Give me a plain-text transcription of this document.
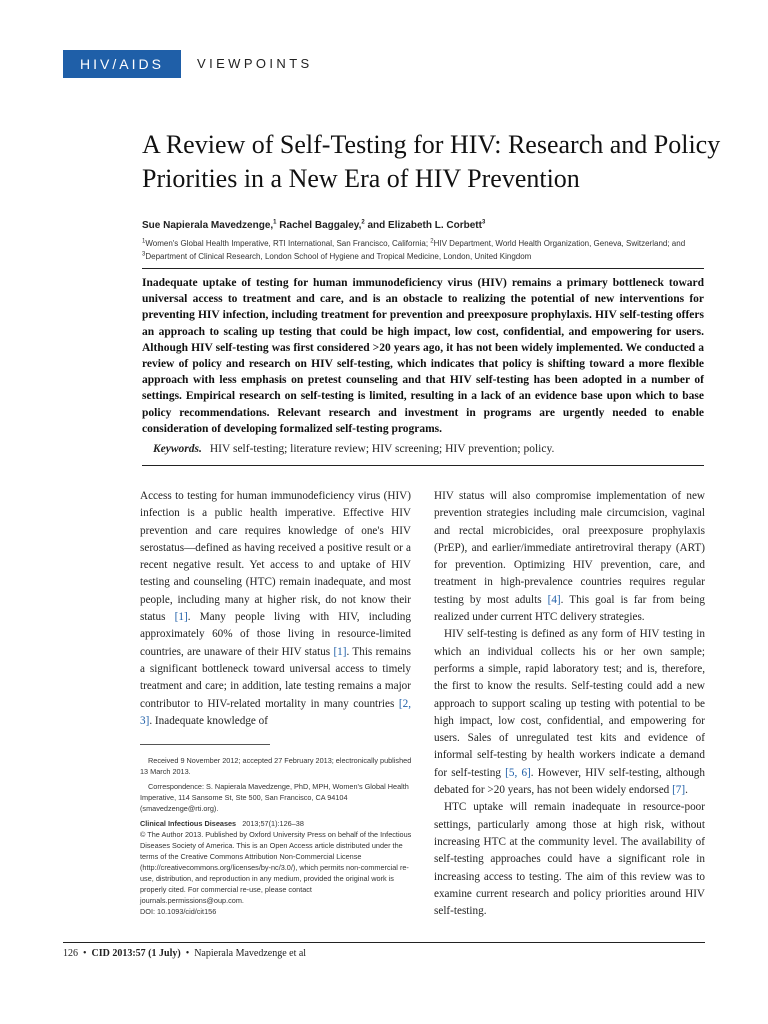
HIV/AIDS	VIEWPOINTS
A Review of Self-Testing for HIV: Research and Policy Priorities in a New Era of HIV Prevention
Sue Napierala Mavedzenge,$^1$ Rachel Baggaley,$^2$ and Elizabeth L. Corbett$^3$
$^1$Women's Global Health Imperative, RTI International, San Francisco, California; $^2$HIV Department, World Health Organization, Geneva, Switzerland; and
$^3$Department of Clinical Research, London School of Hygiene and Tropical Medicine, London, United Kingdom
Inadequate uptake of testing for human immunodeficiency virus (HIV) remains a primary bottleneck toward universal access to treatment and care, and is an obstacle to realizing the potential of new interventions for preventing HIV infection, including treatment for prevention and preexposure prophylaxis. HIV self-testing offers an approach to scaling up testing that could be high impact, low cost, confidential, and empowering for users. Although HIV self-testing was first considered >20 years ago, it has not been widely implemented. We conducted a review of policy and research on HIV self-testing, which indicates that policy is shifting toward a more flexible approach with less emphasis on pretest counseling and that HIV self-testing has been adopted in a number of settings. Empirical research on self-testing is limited, resulting in a lack of an evidence base upon which to base policy recommendations. Relevant research and investment in programs are urgently needed to enable consideration of developing formalized self-testing programs.
Keywords. HIV self-testing; literature review; HIV screening; HIV prevention; policy.

Access to testing for human immunodeficiency virus (HIV) infection is a public health imperative. Effective HIV prevention and care requires knowledge of one's HIV serostatus—defined as having received a positive result or a recent negative result. Yet access to and uptake of HIV testing and counseling (HTC) remain inadequate, and most people, including many at higher risk, do not know their status [1]. Many people living with HIV, including approximately 60% of those living in resource-limited countries, are unaware of their HIV status [1]. This remains a significant bottleneck toward universal access to timely treatment and care; in addition, late testing remains a major contributor to HIV-related mortality in many countries [2, 3]. Inadequate knowledge of

HIV status will also compromise implementation of new prevention strategies including male circumcision, vaginal and rectal microbicides, oral preexposure prophylaxis (PrEP), and earlier/immediate antiretroviral therapy (ART) for prevention. Optimizing HIV prevention, care, and treatment in high-prevalence countries requires regular testing by most adults [4]. This goal is far from being realized under current HTC delivery strategies.

HIV self-testing is defined as any form of HIV testing in which an individual collects his or her own sample; performs a simple, rapid laboratory test; and is, therefore, the first to know the results. Self-testing could add a new approach to support scaling up testing with potential to be high impact, low cost, confidential, and empowering for users. Sales of unregulated test kits and evidence of informal self-testing by health workers indicate a demand for self-testing [5, 6]. However, HIV self-testing, although debated for >20 years, has not been widely endorsed [7].

HTC uptake will remain inadequate in resource-poor settings, particularly among those at high risk, without increasing HTC at the community level. The availability of self-testing approaches could have a significant role in increasing access to testing. The aim of this review was to examine current research and policy priorities around HIV self-testing.

Received 9 November 2012; accepted 27 February 2013; electronically published 13 March 2013.

Correspondence: S. Napierala Mavedzenge, PhD, MPH, Women's Global Health Imperative, 114 Sansome St, Ste 500, San Francisco, CA 94104 (smavedzenge@rti.org).

Clinical Infectious Diseases 2013;57(1):126–38

© The Author 2013. Published by Oxford University Press on behalf of the Infectious Diseases Society of America. This is an Open Access article distributed under the terms of the Creative Commons Attribution Non-Commercial License (http://creativecommons.org/licenses/by-nc/3.0/), which permits non-commercial re-use, distribution, and reproduction in any medium, provided the original work is properly cited. For commercial re-use, please contact journals.permissions@oup.com.

DOI: 10.1093/cid/cit156

126 • CID 2013:57 (1 July) • Napierala Mavedzenge et al
